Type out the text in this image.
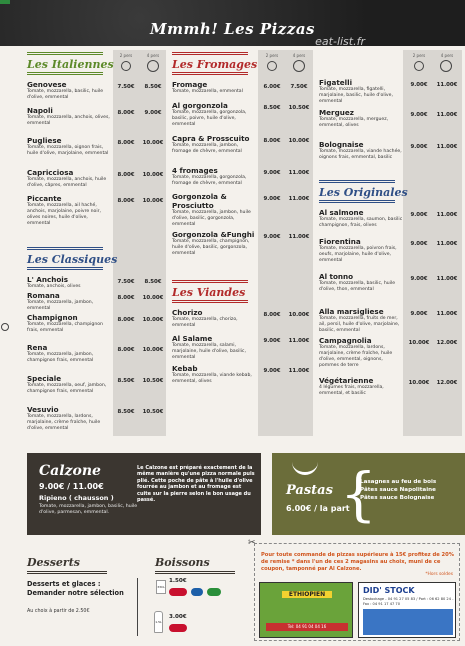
Mmmh! Les Pizzas
eat-list.fr
2 pers	4 pers	2 pers	4 pers	2 pers	4 pers
Les Italiennes
Genovese
Tomate, mozzarella, basilic, huile d'olive, emmental
7.50€	8.50€
Napoli
Tomate, mozzarella, anchois, olives, emmental
8.00€	9.00€
Pugliese
Tomate, mozzarella, oignon frais, huile d'olive, marjolaine, emmental
8.00€	10.00€
Capricciosa
Tomate, mozzarella, anchois, huile d'olive, câpres, emmental
8.00€	10.00€
Piccante
Tomate, mozzarella, ail haché, anchois, marjolaine, poivre noir, olives noires, huile d'olive, emmental
8.00€	10.00€
Les Classiques
L' Anchois
Tomate, anchois, olives
7.50€	8.50€
Romana
Tomate, mozzarella, jambon, emmental
8.00€	10.00€
Champignon
Tomate, mozzarella, champignon frais, emmental
8.00€	10.00€
Rena
Tomate, mozzarella, jambon, champignon frais, emmental
8.00€	10.00€
Speciale
Tomate, mozzarella, oeuf, jambon, champignon frais, emmental
8.50€	10.50€
Vesuvio
Tomate, mozzarella, lardons, marjolaine, crème fraîche, huile d'olive, emmental
8.50€	10.50€
Les Fromages
Fromage
Tomate, mozzarella, emmental
6.00€	7.50€
Al gorgonzola
Tomate, mozzarella, gorgonzola, basilic, poivre, huile d'olive, emmental
8.50€	10.50€
Capra & Prosscuito
Tomate, mozzarella, jambon, fromage de chèvre, emmental
8.00€	10.00€
4 fromages
Tomate, mozzarella, gorgonzola, fromage de chèvre, emmental
9.00€	11.00€
Gorgonzola & Prosciutto
Tomate, mozzarella, jambon, huile d'olive, basilic, gorgonzola, emmental
9.00€	11.00€
Gorgonzola &Funghi
Tomate, mozzarella, champignon, huile d'olive, basilic, gorgonzola, emmental
9.00€	11.00€
Les Viandes
Chorizo
Tomate, mozzarella, chorizo, emmental
8.00€	10.00€
Al Salame
Tomate, mozzarella, salami, marjolaine, huile d'olive, basilic, emmental
9.00€	11.00€
Kebab
Tomate, mozzarella, viande kebab, emmental, olives
9.00€	11.00€
Figatelli
Tomate, mozzarella, figatelli, marjolaine, basilic, huile d'olive, emmental
9.00€	11.00€
Merguez
Tomate, mozzarella, merguez, emmental, olives
9.00€	11.00€
Bolognaise
Tomate, mozzarella, viande hachée, oignons frais, emmental, basilic
9.00€	11.00€
Les Originales
Al salmone
Tomate, mozzarella, saumon, basilic champignon, frais, olives
9.00€	11.00€
Fiorentina
Tomate, mozzarella, poivron frais, oeufs, marjolaine, huile d'olive, emmental
9.00€	11.00€
Al tonno
Tomate, mozzarella, basilic, huile d'olive, thon, emmental
9.00€	11.00€
Alla marsigliese
Tomate, mozzarella, fruits de mer, ail, persil, huile d'olive, marjolaine, basilic, emmental
9.00€	11.00€
Campagnolia
Tomate, mozzarella, lardons, marjolaine, crème fraîche, huile d'olive, emmental, oignons, pommes de terre
10.00€ 12.00€
Végétarienne
4 légumes frais, mozzarella, emmental, et basilic
10.00€ 12.00€
Calzone
9.00€ / 11.00€
Ripieno ( chausson )
Tomate, mozzarella, jambon, basilic, huile d'olive, parmesan, emmental.
Le Calzone est préparé exactement de la même manière qu'une pizza normale puis plié. Cette poche de pâte à l'huile d'olive fourrée au jambon et au fromage est cuite sur la pierre selon le bon usage du passé.
Pastas
6.00€ / la part
{
Lasagnes au feu de bois
Pâtes sauce Napolitaine
Pâtes sauce Bolognaise
Desserts
Desserts et glaces :
Demander notre sélection
Au choix à partir de 2.50€
Boissons
33CL
1.50€
1.5L
3.00€
✂
Pour toute commande de pizzas supérieure à 15€ profitez de 20% de remise * dans l'un de ces 2 magasins au choix, muni de ce coupon, tamponné par Al Calzone.
*Hors soldes
ETHIOPIEN
Tel: 04 91 04 04 16
DID' STOCK
Destockage - 04 91 27 05 83 / Port : 06 62 80 24 - Fax : 04 91 17 47 70
